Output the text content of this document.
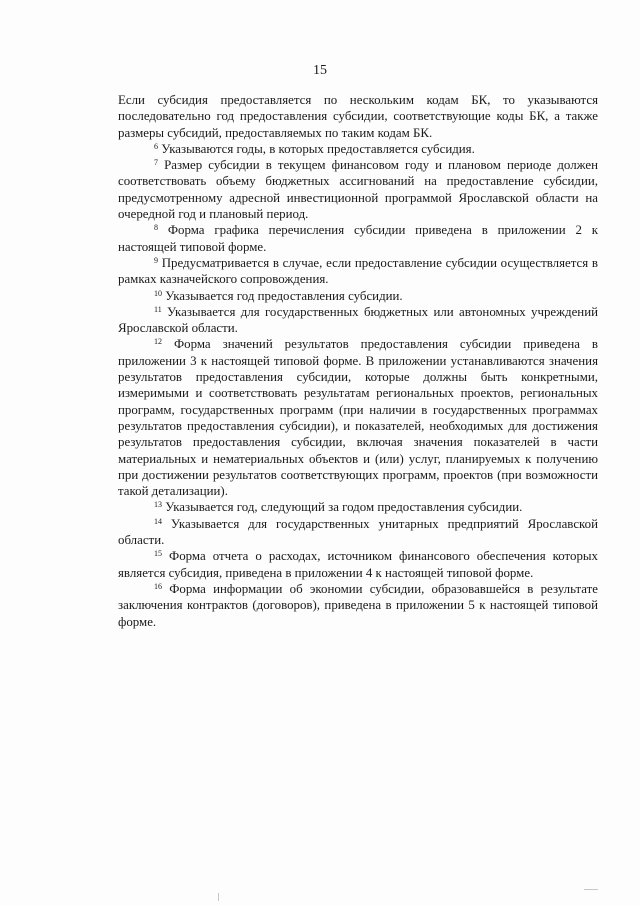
15

Если субсидия предоставляется по нескольким кодам БК, то указываются последовательно год предоставления субсидии, соответствующие коды БК, а также размеры субсидий, предоставляемых по таким кодам БК.

$^6$ Указываются годы, в которых предоставляется субсидия.

$^7$ Размер субсидии в текущем финансовом году и плановом периоде должен соответствовать объему бюджетных ассигнований на предоставление субсидии, предусмотренному адресной инвестиционной программой Ярославской области на очередной год и плановый период.

$^8$ Форма графика перечисления субсидии приведена в приложении 2 к настоящей типовой форме.

$^9$ Предусматривается в случае, если предоставление субсидии осуществляется в рамках казначейского сопровождения.

$^{10}$ Указывается год предоставления субсидии.

$^{11}$ Указывается для государственных бюджетных или автономных учреждений Ярославской области.

$^{12}$ Форма значений результатов предоставления субсидии приведена в приложении 3 к настоящей типовой форме. В приложении устанавливаются значения результатов предоставления субсидии, которые должны быть конкретными, измеримыми и соответствовать результатам региональных проектов, региональных программ, государственных программ (при наличии в государственных программах результатов предоставления субсидии), и показателей, необходимых для достижения результатов предоставления субсидии, включая значения показателей в части материальных и нематериальных объектов и (или) услуг, планируемых к получению при достижении результатов соответствующих программ, проектов (при возможности такой детализации).

$^{13}$ Указывается год, следующий за годом предоставления субсидии.

$^{14}$ Указывается для государственных унитарных предприятий Ярославской области.

$^{15}$ Форма отчета о расходах, источником финансового обеспечения которых является субсидия, приведена в приложении 4 к настоящей типовой форме.

$^{16}$ Форма информации об экономии субсидии, образовавшейся в результате заключения контрактов (договоров), приведена в приложении 5 к настоящей типовой форме.
